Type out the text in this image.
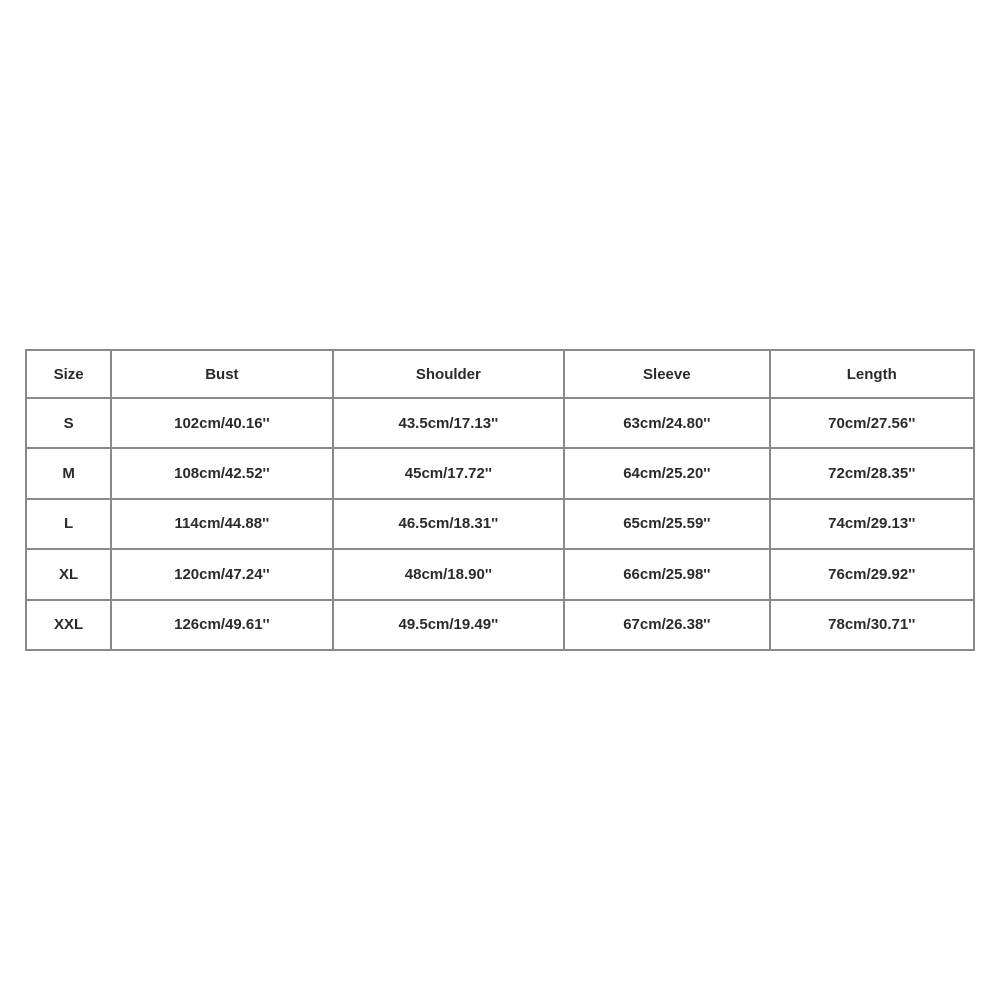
Size	Bust	Shoulder	Sleeve	Length
S	102cm/40.16''	43.5cm/17.13''	63cm/24.80''	70cm/27.56''
M	108cm/42.52''	45cm/17.72''	64cm/25.20''	72cm/28.35''
L	114cm/44.88''	46.5cm/18.31''	65cm/25.59''	74cm/29.13''
XL	120cm/47.24''	48cm/18.90''	66cm/25.98''	76cm/29.92''
XXL	126cm/49.61''	49.5cm/19.49''	67cm/26.38''	78cm/30.71''
